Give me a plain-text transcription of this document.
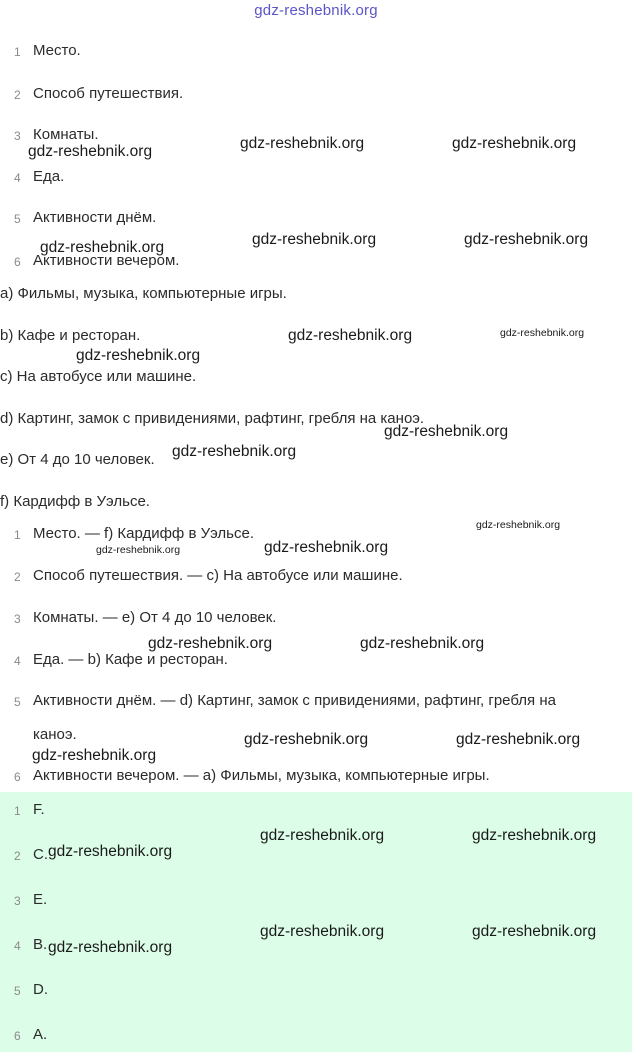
gdz-reshebnik.org
1 Место.
2 Способ путешествия.
3 Комнаты.
4 Еда.
5 Активности днём.
6 Активности вечером.
a) Фильмы, музыка, компьютерные игры.
b) Кафе и ресторан.
c) На автобусе или машине.
d) Картинг, замок с привидениями, рафтинг, гребля на каноэ.
e) От 4 до 10 человек.
f) Кардифф в Уэльсе.
1 Место. — f) Кардифф в Уэльсе.
2 Способ путешествия. — c) На автобусе или машине.
3 Комнаты. — e) От 4 до 10 человек.
4 Еда. — b) Кафе и ресторан.
5 Активности днём. — d) Картинг, замок с привидениями, рафтинг, гребля на
каноэ.
6 Активности вечером. — a) Фильмы, музыка, компьютерные игры.
1 F.
2 C.
3 E.
4 B.
5 D.
6 A.
gdz-reshebnik.org	gdz-reshebnik.org	gdz-reshebnik.org
gdz-reshebnik.org	gdz-reshebnik.org	gdz-reshebnik.org
gdz-reshebnik.org	gdz-reshebnik.org
gdz-reshebnik.org
gdz-reshebnik.org
gdz-reshebnik.org
gdz-reshebnik.org
gdz-reshebnik.org	gdz-reshebnik.org
gdz-reshebnik.org	gdz-reshebnik.org
gdz-reshebnik.org	gdz-reshebnik.org
gdz-reshebnik.org
gdz-reshebnik.org	gdz-reshebnik.org
gdz-reshebnik.org
gdz-reshebnik.org	gdz-reshebnik.org
gdz-reshebnik.org
